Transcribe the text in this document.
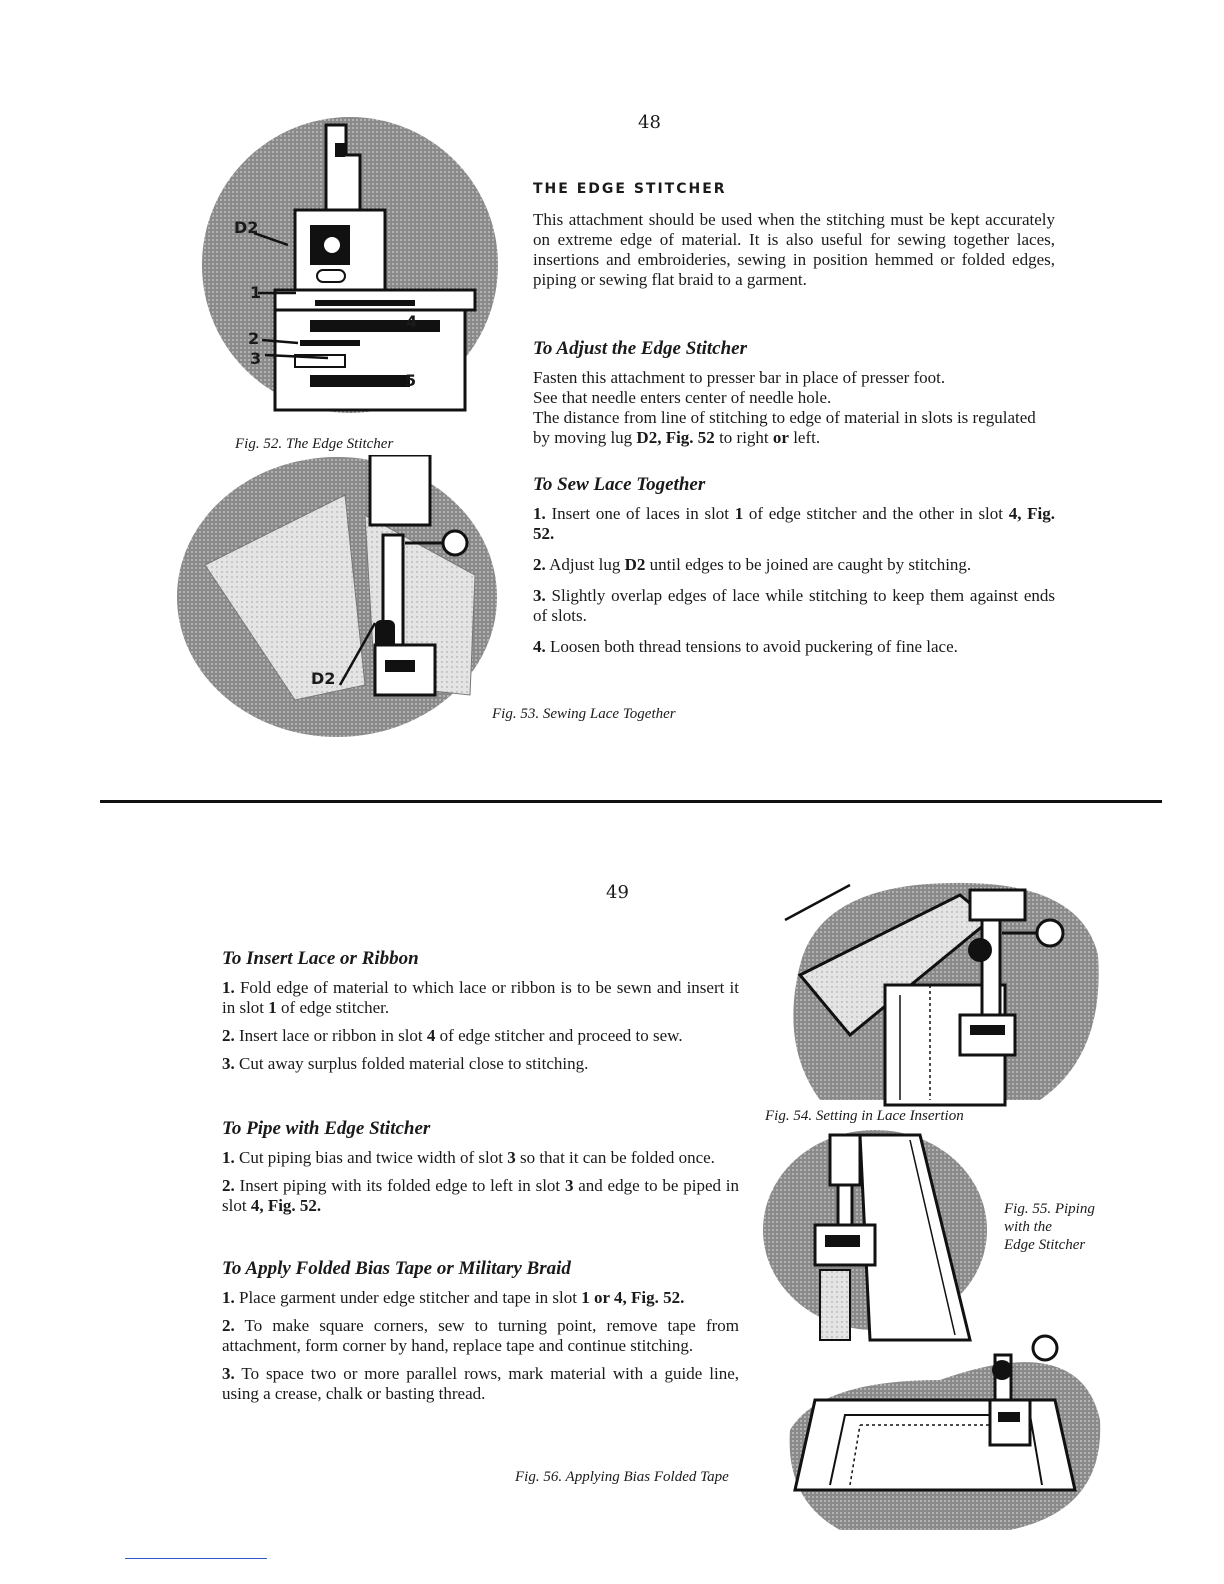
48
D2
1
2
3
4
5
Fig. 52. The Edge Stitcher
D2
THE EDGE STITCHER

This attachment should be used when the stitching must be kept accurately on extreme edge of material. It is also useful for sewing together laces, insertions and embroideries, sewing in position hemmed or folded edges, piping or sewing flat braid to a garment.

To Adjust the Edge Stitcher
Fasten this attachment to presser bar in place of presser foot.
See that needle enters center of needle hole.
The distance from line of stitching to edge of material in slots is regulated by moving lug D2, Fig. 52 to right or left.
To Sew Lace Together

1. Insert one of laces in slot 1 of edge stitcher and the other in slot 4, Fig. 52.

2. Adjust lug D2 until edges to be joined are caught by stitching.

3. Slightly overlap edges of lace while stitching to keep them against ends of slots.

4. Loosen both thread tensions to avoid puckering of fine lace.

Fig. 53. Sewing Lace Together
49
To Insert Lace or Ribbon

1. Fold edge of material to which lace or ribbon is to be sewn and insert it in slot 1 of edge stitcher.

2. Insert lace or ribbon in slot 4 of edge stitcher and proceed to sew.

3. Cut away surplus folded material close to stitching.

To Pipe with Edge Stitcher

1. Cut piping bias and twice width of slot 3 so that it can be folded once.

2. Insert piping with its folded edge to left in slot 3 and edge to be piped in slot 4, Fig. 52.

To Apply Folded Bias Tape or Military Braid

1. Place garment under edge stitcher and tape in slot 1 or 4, Fig. 52.

2. To make square corners, sew to turning point, remove tape from attachment, form corner by hand, replace tape and continue stitching.

3. To space two or more parallel rows, mark material with a guide line, using a crease, chalk or basting thread.

Fig. 56. Applying Bias Folded Tape
Fig. 54. Setting in Lace Insertion
Fig. 55. Piping
with the
Edge Stitcher
